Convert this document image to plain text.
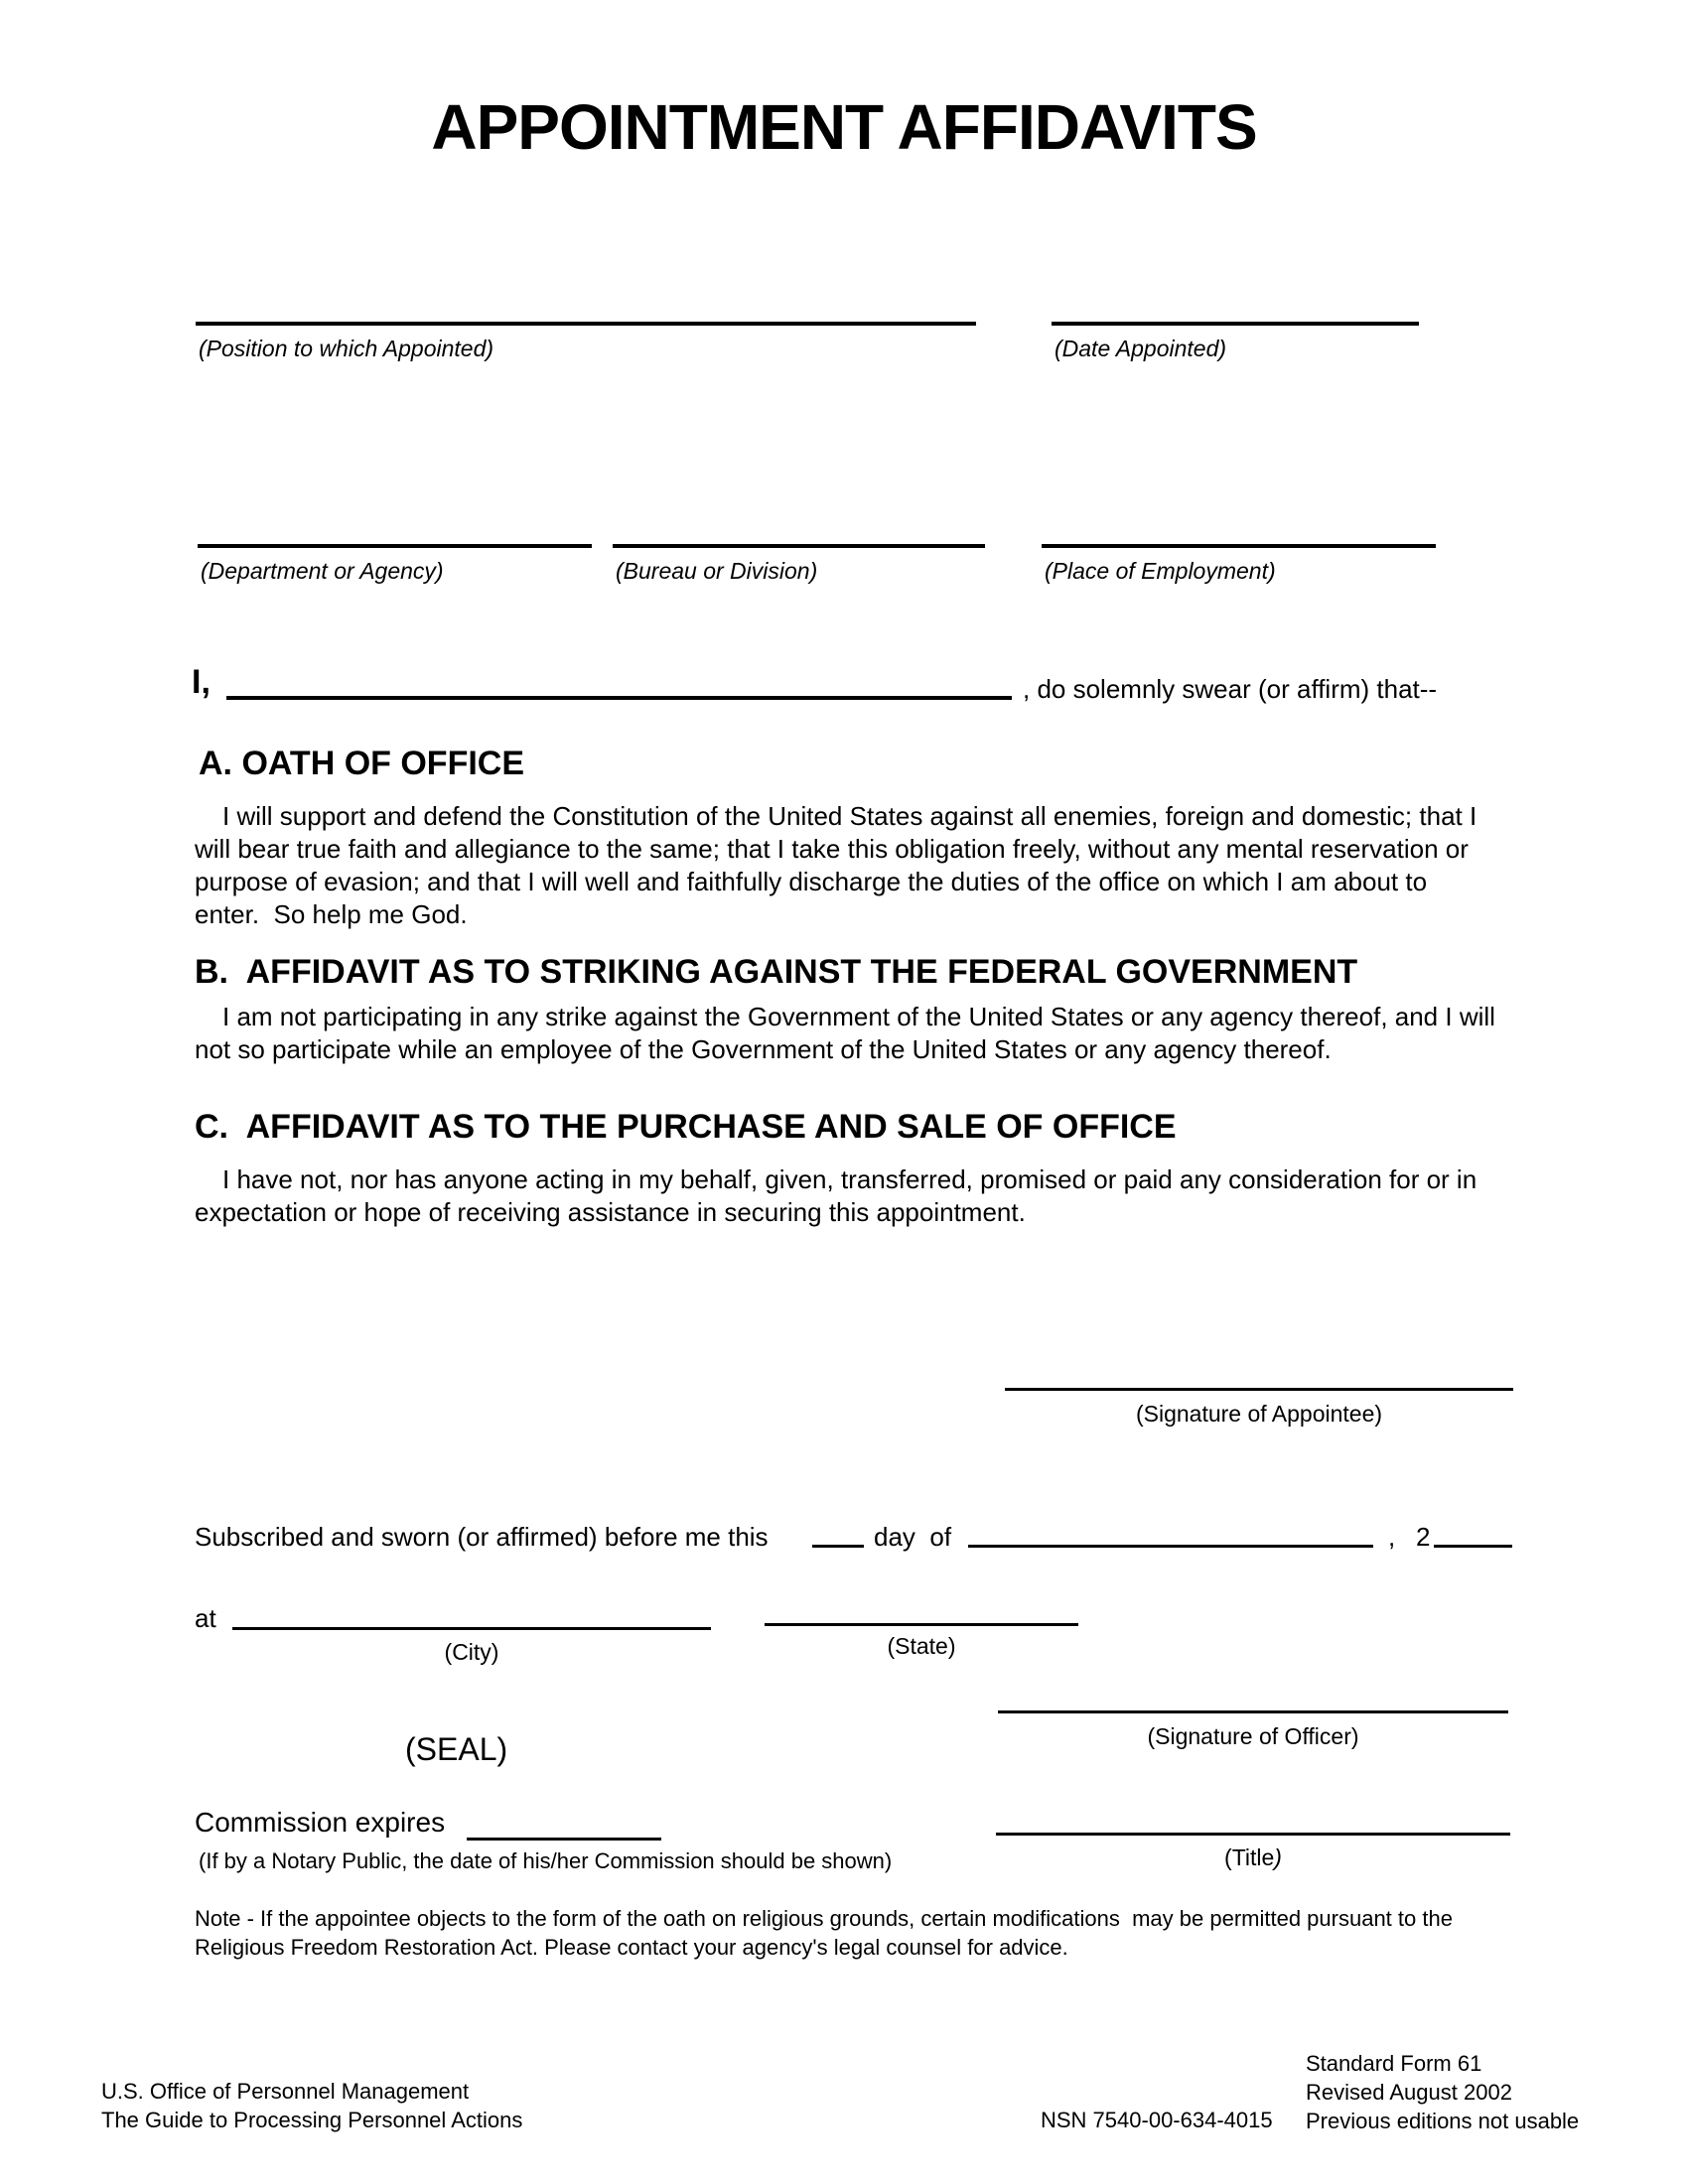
APPOINTMENT AFFIDAVITS
(Position to which Appointed)	(Date Appointed)
(Department or Agency)	(Bureau or Division)	(Place of Employment)
I,	, do solemnly swear (or affirm) that--
A. OATH OF OFFICE

I will support and defend the Constitution of the United States against all enemies, foreign and domestic; that I will bear true faith and allegiance to the same; that I take this obligation freely, without any mental reservation or purpose of evasion; and that I will well and faithfully discharge the duties of the office on which I am about to enter.  So help me God.

B.  AFFIDAVIT AS TO STRIKING AGAINST THE FEDERAL GOVERNMENT

I am not participating in any strike against the Government of the United States or any agency thereof, and I will not so participate while an employee of the Government of the United States or any agency thereof.

C.  AFFIDAVIT AS TO THE PURCHASE AND SALE OF OFFICE

I have not, nor has anyone acting in my behalf, given, transferred, promised or paid any consideration for or in expectation or hope of receiving assistance in securing this appointment.

(Signature of Appointee)
Subscribed and sworn (or affirmed) before me this	day  of	, 2
at
(City)	(State)
(SEAL)	(Signature of Officer)
Commission expires
(If by a Notary Public, the date of his/her Commission should be shown)	(Title)

Note - If the appointee objects to the form of the oath on religious grounds, certain modifications  may be permitted pursuant to the Religious Freedom Restoration Act. Please contact your agency's legal counsel for advice.

U.S. Office of Personnel Management
The Guide to Processing Personnel Actions	NSN 7540-00-634-4015
Standard Form 61
Revised August 2002
Previous editions not usable
